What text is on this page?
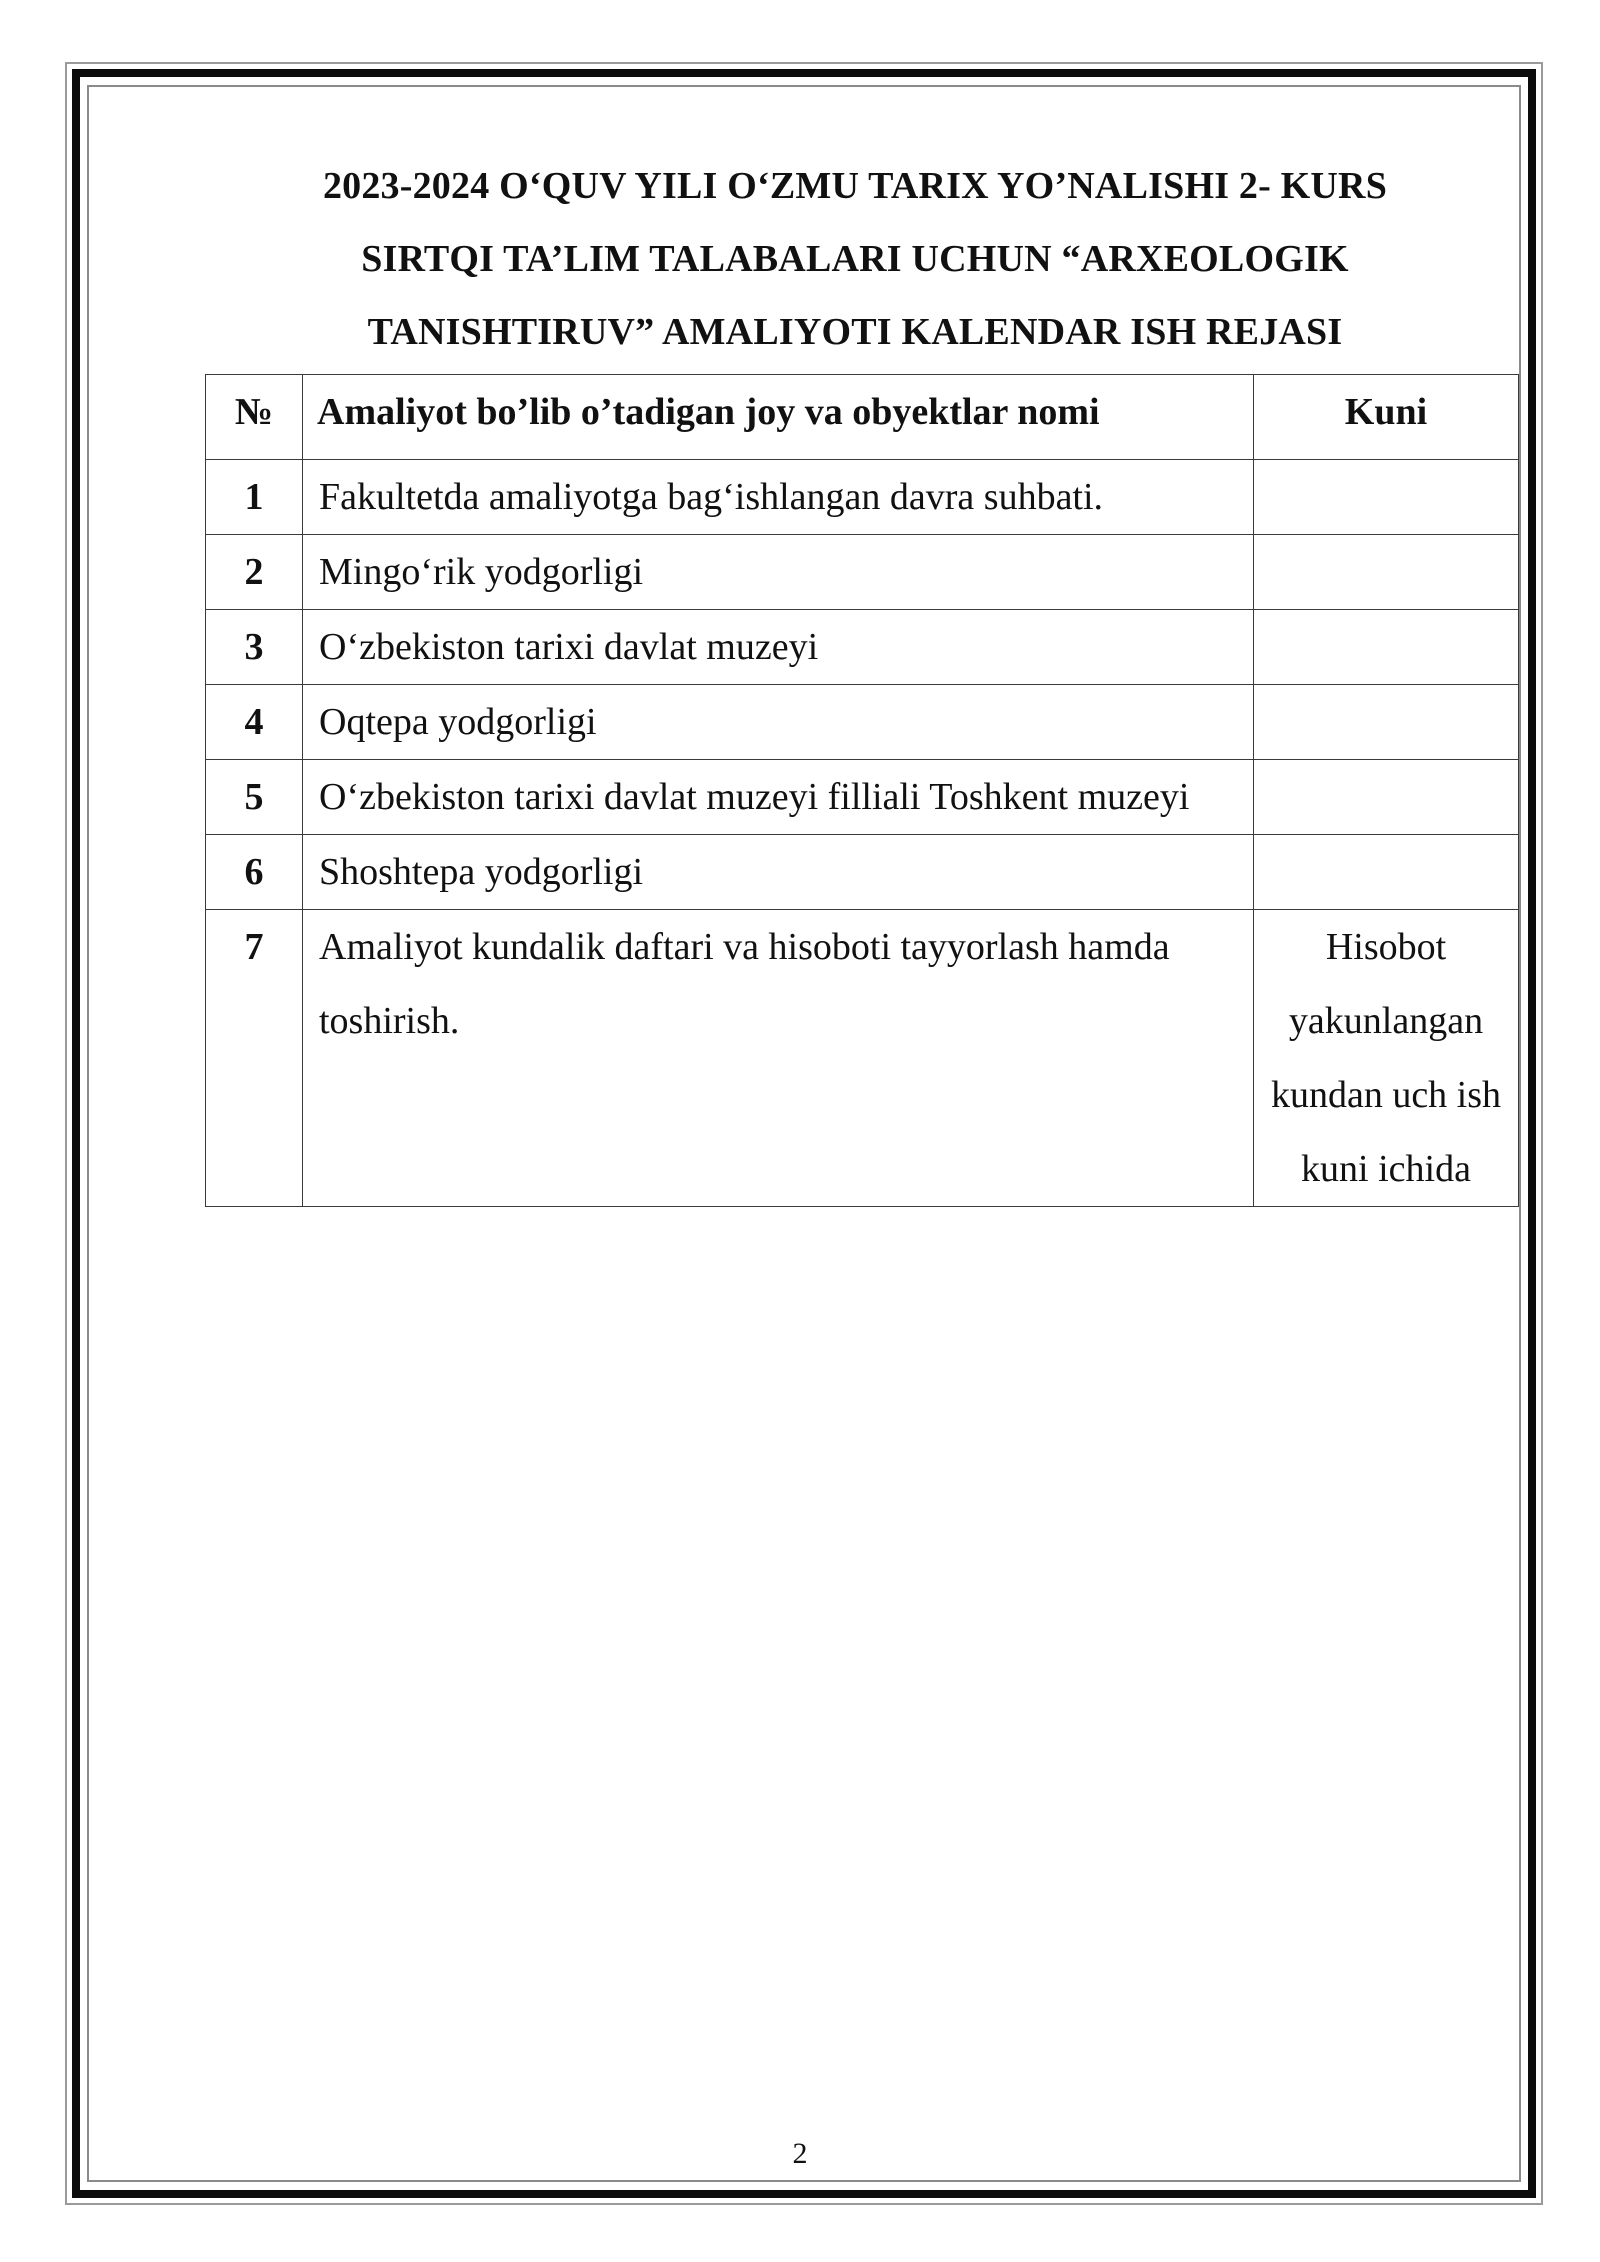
2023-2024 O‘QUV YILI O‘ZMU TARIX YO’NALISHI 2- KURS
SIRTQI TA’LIM TALABALARI UCHUN “ARXEOLOGIK
TANISHTIRUV” AMALIYOTI KALENDAR ISH REJASI
№	Amaliyot bo’lib o’tadigan joy va obyektlar nomi	Kuni
1	Fakultetda amaliyotga bag‘ishlangan davra suhbati.	
2	Mingo‘rik yodgorligi	
3	O‘zbekiston tarixi davlat muzeyi	
4	Oqtepa yodgorligi	
5	O‘zbekiston tarixi davlat muzeyi filliali Toshkent muzeyi	
6	Shoshtepa yodgorligi	
7	Amaliyot kundalik daftari va hisoboti tayyorlash hamda toshirish.	Hisobot yakunlangan kundan uch ish kuni ichida
2
